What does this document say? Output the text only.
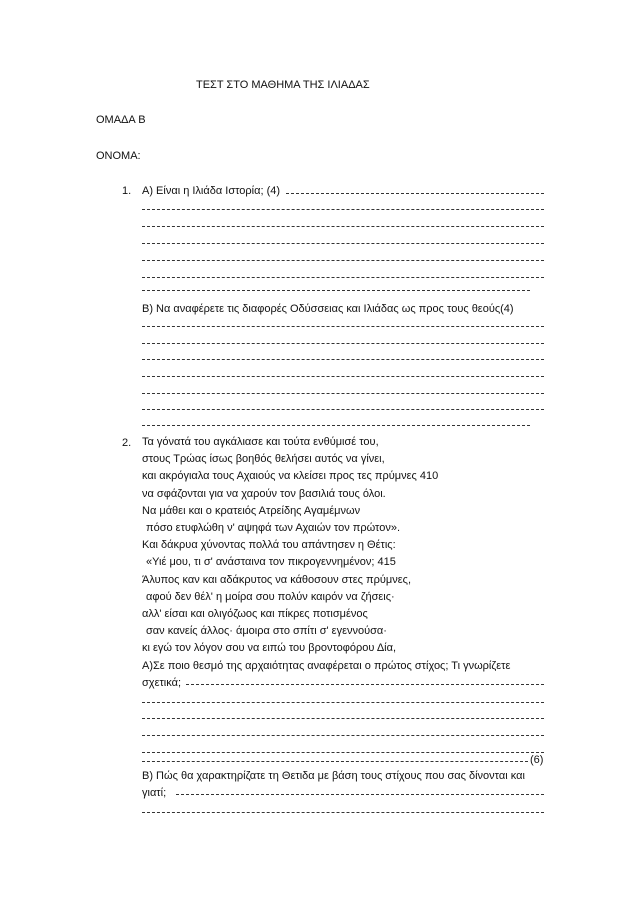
ΤΕΣΤ ΣΤΟ ΜΑΘΗΜΑ ΤΗΣ ΙΛΙΑΔΑΣ
ΟΜΑΔΑ Β
ΟΝΟΜΑ:
1. Α) Είναι η Ιλιάδα Ιστορία; (4)
Β) Να αναφέρετε τις διαφορές Οδύσσειας και Ιλιάδας ως προς τους θεούς(4)
2. Τα γόνατά του αγκάλιασε και τούτα ενθύμισέ του,

στους Τρώας ίσως βοηθός θελήσει αυτός να γίνει,

και ακρόγιαλα τους Αχαιούς να κλείσει προς τες πρύμνες 410

να σφάζονται για να χαρούν τον βασιλιά τους όλοι.

Να μάθει και ο κρατειός Ατρείδης Αγαμέμνων

πόσο ετυφλώθη ν' αψηφά των Αχαιών τον πρώτον».

Και δάκρυα χύνοντας πολλά του απάντησεν η Θέτις:

«Υιέ μου, τι σ' ανάσταινα τον πικρογεννημένον; 415

Άλυπος καν και αδάκρυτος να κάθοσουν στες πρύμνες,

αφού δεν θέλ' η μοίρα σου πολύν καιρόν να ζήσεις·

αλλ' είσαι και ολιγόζωος και πίκρες ποτισμένος

σαν κανείς άλλος· άμοιρα στο σπίτι σ' εγεννούσα·

κι εγώ τον λόγον σου να ειπώ του βροντοφόρου Δία,

Α)Σε ποιο θεσμό της αρχαιότητας αναφέρεται ο πρώτος στίχος; Τι γνωρίζετε
σχετικά;
(6)
Β) Πώς θα χαρακτηρίζατε τη Θετιδα με βάση τους στίχους που σας δίνονται και
γιατί;
